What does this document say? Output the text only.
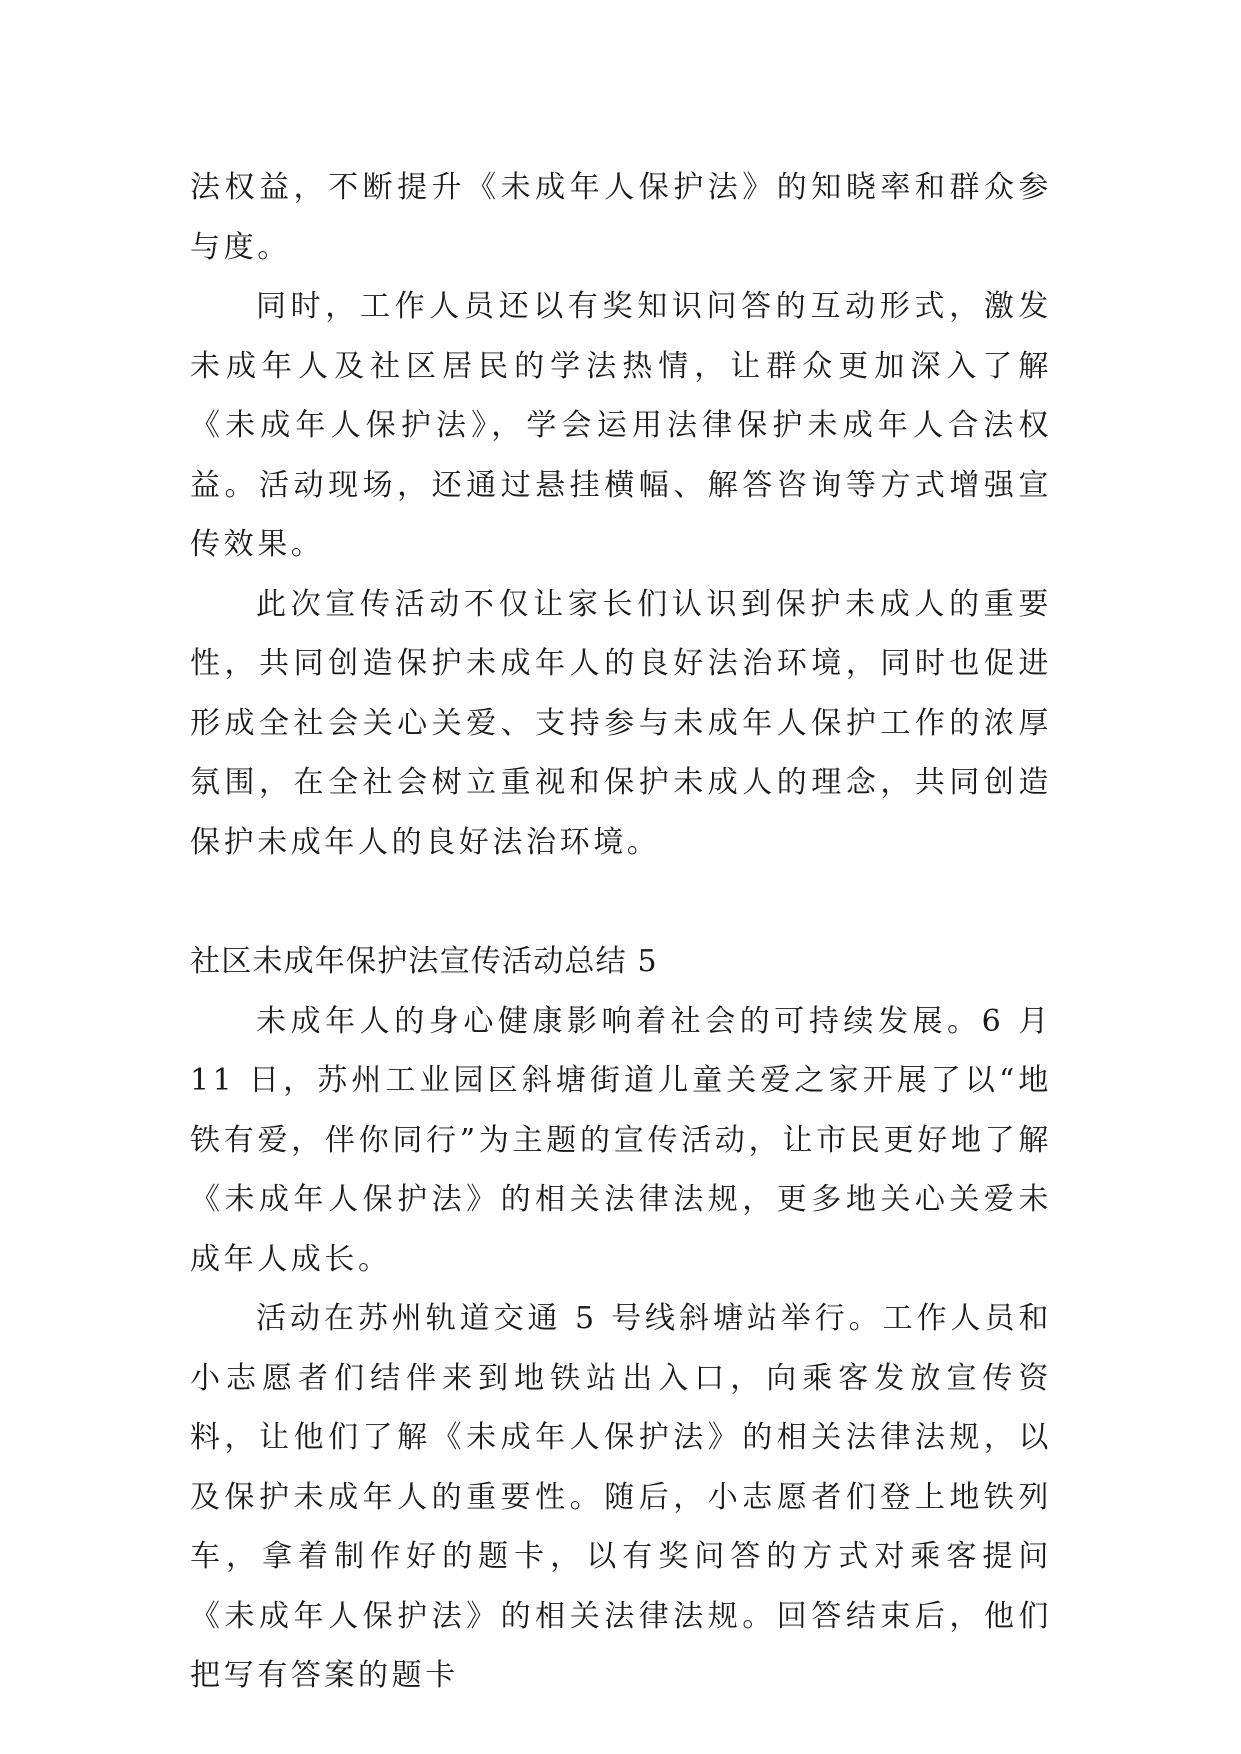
法权益，不断提升《未成年人保护法》的知晓率和群众参与度。

同时，工作人员还以有奖知识问答的互动形式，激发未成年人及社区居民的学法热情，让群众更加深入了解《未成年人保护法》，学会运用法律保护未成年人合法权益。活动现场，还通过悬挂横幅、解答咨询等方式增强宣传效果。

此次宣传活动不仅让家长们认识到保护未成人的重要性，共同创造保护未成年人的良好法治环境，同时也促进形成全社会关心关爱、支持参与未成年人保护工作的浓厚氛围，在全社会树立重视和保护未成人的理念，共同创造保护未成年人的良好法治环境。

社区未成年保护法宣传活动总结 5

未成年人的身心健康影响着社会的可持续发展。6 月 11 日，苏州工业园区斜塘街道儿童关爱之家开展了以“地铁有爱，伴你同行”为主题的宣传活动，让市民更好地了解《未成年人保护法》的相关法律法规，更多地关心关爱未成年人成长。

活动在苏州轨道交通 5 号线斜塘站举行。工作人员和小志愿者们结伴来到地铁站出入口，向乘客发放宣传资料，让他们了解《未成年人保护法》的相关法律法规，以及保护未成年人的重要性。随后，小志愿者们登上地铁列车，拿着制作好的题卡，以有奖问答的方式对乘客提问《未成年人保护法》的相关法律法规。回答结束后，他们把写有答案的题卡
